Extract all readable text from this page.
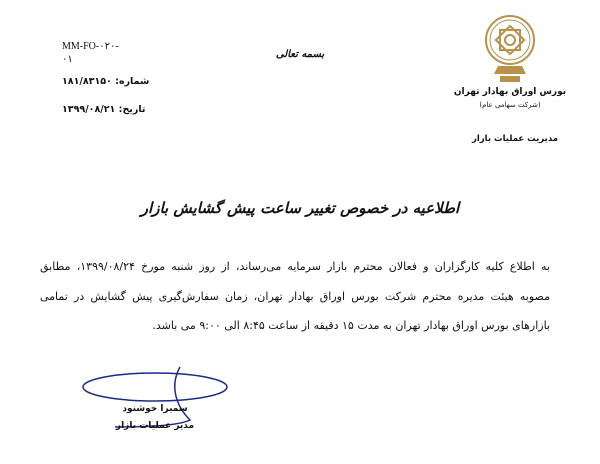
MM-FO-۰۲۰-
۰۱
شماره: ۱۸۱/۸۳۱۵۰
تاریخ: ۱۳۹۹/۰۸/۲۱
بسمه تعالی
بورس اوراق بهادار تهران
(شرکت سهامی عام)
مدیریت عملیات بازار
اطلاعیه در خصوص تغییر ساعت پیش گشایش بازار
به اطلاع کلیه کارگزاران و فعالان محترم بازار سرمایه می‌رساند، از روز شنبه مورخ ۱۳۹۹/۰۸/۲۴، مطابق
مصوبه هیئت مدیره محترم شرکت بورس اوراق بهادار تهران، زمان سفارش‌گیری پیش گشایش در تمامی
بازارهای بورس اوراق بهادار تهران به مدت ۱۵ دقیقه از ساعت ۸:۴۵ الی ۹:۰۰ می باشد.
سمیرا خوشنود
مدیر عملیات بازار
